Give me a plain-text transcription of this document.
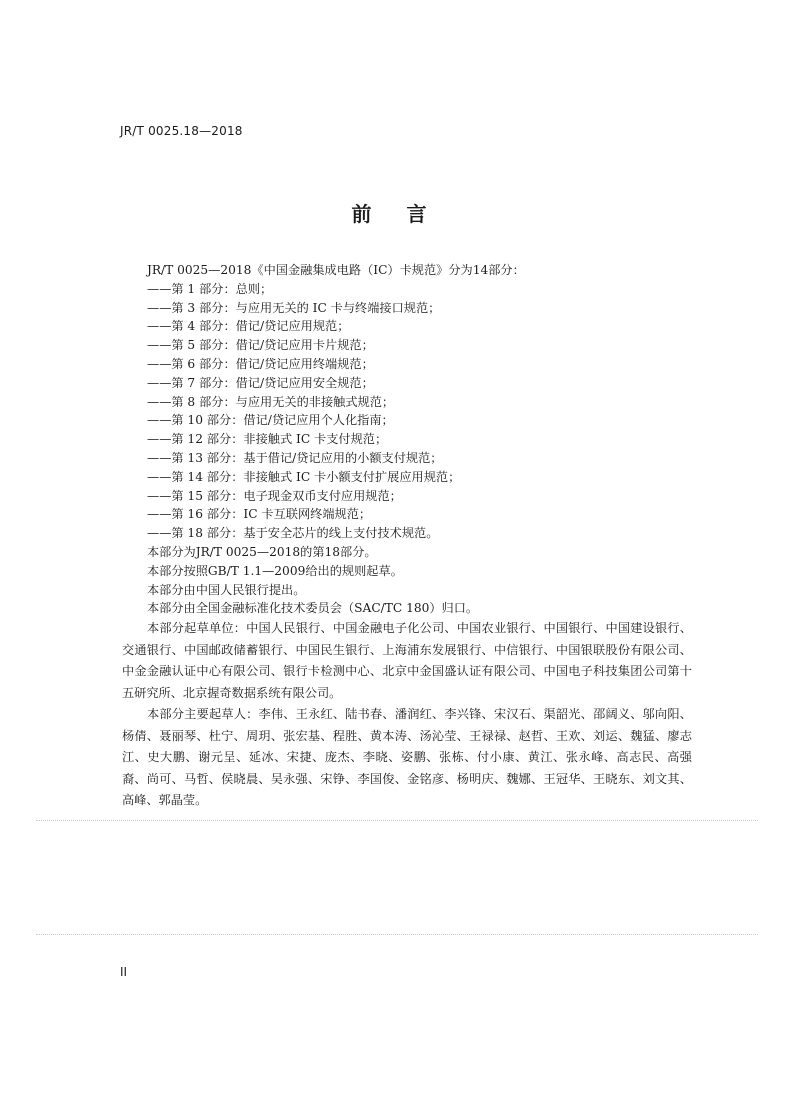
JR/T 0025.18—2018
前 言
JR/T 0025—2018《中国金融集成电路（IC）卡规范》分为14部分：
——第 1 部分：总则；
——第 3 部分：与应用无关的 IC 卡与终端接口规范；
——第 4 部分：借记/贷记应用规范；
——第 5 部分：借记/贷记应用卡片规范；
——第 6 部分：借记/贷记应用终端规范；
——第 7 部分：借记/贷记应用安全规范；
——第 8 部分：与应用无关的非接触式规范；
——第 10 部分：借记/贷记应用个人化指南；
——第 12 部分：非接触式 IC 卡支付规范；
——第 13 部分：基于借记/贷记应用的小额支付规范；
——第 14 部分：非接触式 IC 卡小额支付扩展应用规范；
——第 15 部分：电子现金双币支付应用规范；
——第 16 部分：IC 卡互联网终端规范；
——第 18 部分：基于安全芯片的线上支付技术规范。
本部分为JR/T 0025—2018的第18部分。
本部分按照GB/T 1.1—2009给出的规则起草。
本部分由中国人民银行提出。
本部分由全国金融标准化技术委员会（SAC/TC 180）归口。

本部分起草单位：中国人民银行、中国金融电子化公司、中国农业银行、中国银行、中国建设银行、交通银行、中国邮政储蓄银行、中国民生银行、上海浦东发展银行、中信银行、中国银联股份有限公司、中金金融认证中心有限公司、银行卡检测中心、北京中金国盛认证有限公司、中国电子科技集团公司第十五研究所、北京握奇数据系统有限公司。

本部分主要起草人：李伟、王永红、陆书春、潘润红、李兴锋、宋汉石、渠韶光、邵阔义、邬向阳、杨倩、聂丽琴、杜宁、周玥、张宏基、程胜、黄本涛、汤沁莹、王禄禄、赵哲、王欢、刘运、魏猛、廖志江、史大鹏、谢元呈、延冰、宋捷、庞杰、李晓、姿鹏、张栋、付小康、黄江、张永峰、高志民、高强裔、尚可、马哲、侯晓晨、吴永强、宋铮、李国俊、金铭彦、杨明庆、魏娜、王冠华、王晓东、刘文其、高峰、郭晶莹。

II
